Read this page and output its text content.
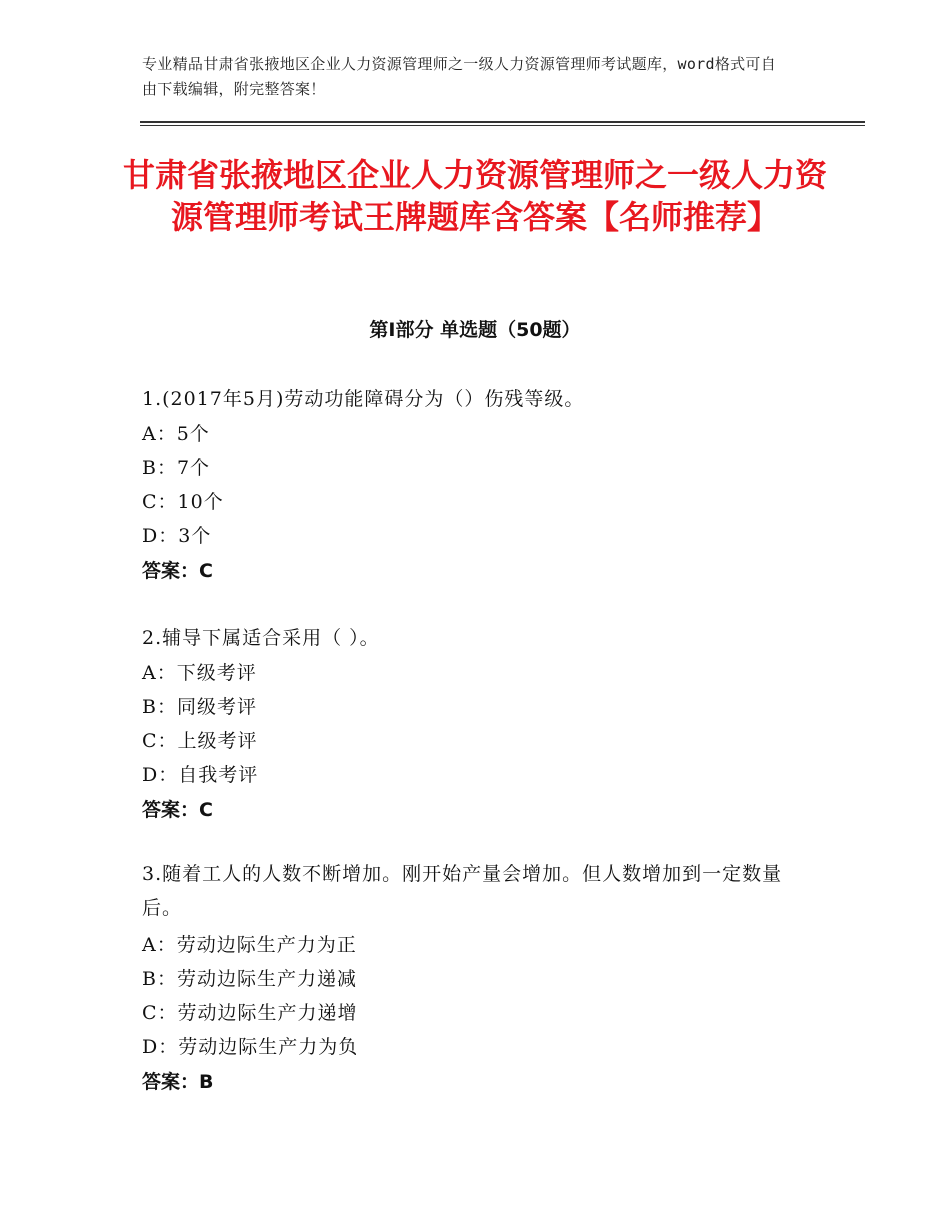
专业精品甘肃省张掖地区企业人力资源管理师之一级人力资源管理师考试题库，word格式可自由下载编辑，附完整答案！
甘肃省张掖地区企业人力资源管理师之一级人力资源管理师考试王牌题库含答案【名师推荐】
第Ⅰ部分 单选题（50题）
1.(2017年5月)劳动功能障碍分为（）伤残等级。
A：5个
B：7个
C：10个
D：3个
答案：C
2.辅导下属适合采用（ ）。
A：下级考评
B：同级考评
C：上级考评
D：自我考评
答案：C
3.随着工人的人数不断增加。刚开始产量会增加。但人数增加到一定数量后。
A：劳动边际生产力为正
B：劳动边际生产力递减
C：劳动边际生产力递增
D：劳动边际生产力为负
答案：B
